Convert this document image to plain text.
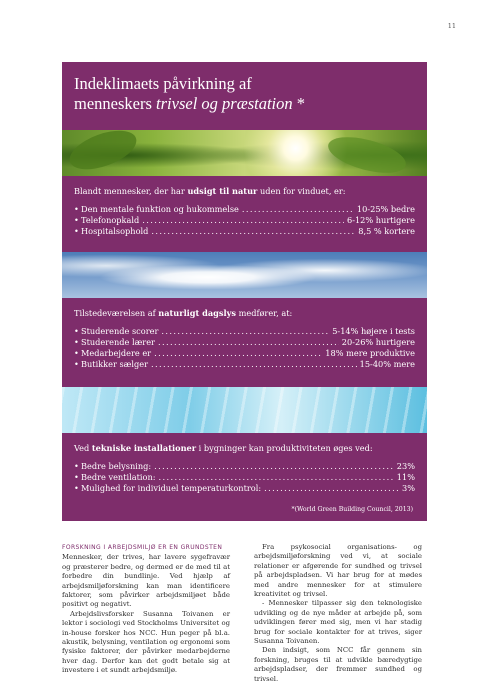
11
Indeklimaets påvirkning af
menneskers trivsel og præstation *
Blandt mennesker, der har udsigt til natur uden for vinduet, er:
• Den mentale funktion og hukommelse .....	10-25% bedre
• Telefonopkald .....	6-12% hurtigere
• Hospitalsophold .....	8,5 % kortere
Tilstedeværelsen af naturligt dagslys medfører, at:
• Studerende scorer .....	5-14% højere i tests
• Studerende lærer .....	20-26% hurtigere
• Medarbejdere er .....	18% mere produktive
• Butikker sælger .....	15-40% mere
Ved tekniske installationer i bygninger kan produktiviteten øges ved:
• Bedre belysning: .....	23%
• Bedre ventilation: .....	11%
• Mulighed for individuel temperaturkontrol: .....	3%
*(World Green Building Council, 2013)
FORSKNING I ARBEJDSMILJØ ER EN GRUNDSTEN

Mennesker, der trives, har lavere sygefravær og præsterer bedre, og dermed er de med til at forbedre din bundlinje. Ved hjælp af arbejdsmiljøforskning kan man identificere faktorer, som påvirker arbejdsmiljøet både positivt og negativt.

Arbejdslivsforsker Susanna Toivanen er lektor i sociologi ved Stockholms Universitet og in-house forsker hos NCC. Hun peger på bl.a. akustik, belysning, ventilation og ergonomi som fysiske faktorer, der påvirker medarbejderne hver dag. Derfor kan det godt betale sig at investere i et sundt arbejdsmiljø.

Fra psykosocial organisations- og arbejdsmiljøforskning ved vi, at sociale relationer er afgørende for sundhed og trivsel på arbejdspladsen. Vi har brug for at mødes med andre mennesker for at stimulere kreativitet og trivsel.

- Mennesker tilpasser sig den teknologiske udvikling og de nye måder at arbejde på, som udviklingen fører med sig, men vi har stadig brug for sociale kontakter for at trives, siger Susanna Toivanen.

Den indsigt, som NCC får gennem sin forskning, bruges til at udvikle bæredygtige arbejdspladser, der fremmer sundhed og trivsel.
